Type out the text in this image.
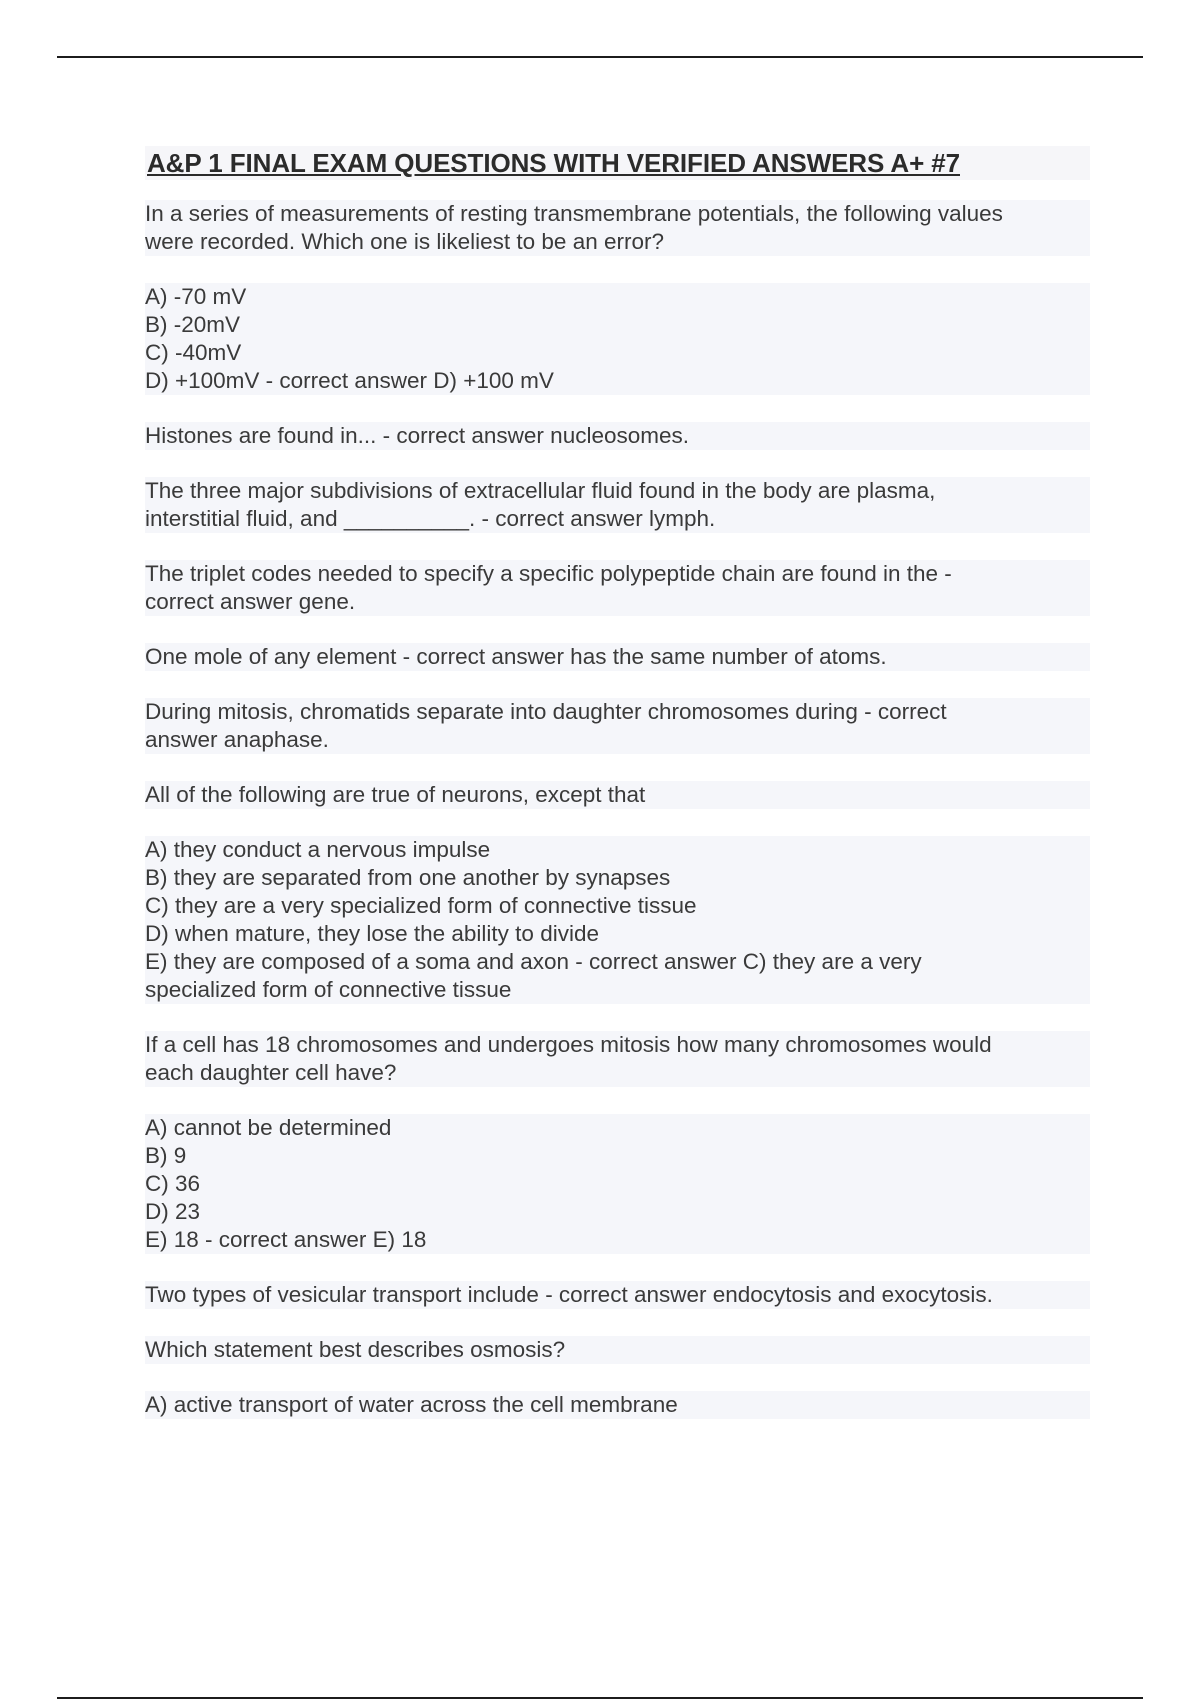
A&P 1 FINAL EXAM QUESTIONS WITH VERIFIED ANSWERS A+ #7
In a series of measurements of resting transmembrane potentials, the following values
were recorded. Which one is likeliest to be an error?
A) -70 mV
B) -20mV
C) -40mV
D) +100mV - correct answer D) +100 mV
Histones are found in... - correct answer nucleosomes.
The three major subdivisions of extracellular fluid found in the body are plasma,
interstitial fluid, and __________. - correct answer lymph.
The triplet codes needed to specify a specific polypeptide chain are found in the -
correct answer gene.
One mole of any element - correct answer has the same number of atoms.
During mitosis, chromatids separate into daughter chromosomes during - correct
answer anaphase.
All of the following are true of neurons, except that
A) they conduct a nervous impulse
B) they are separated from one another by synapses
C) they are a very specialized form of connective tissue
D) when mature, they lose the ability to divide
E) they are composed of a soma and axon - correct answer C) they are a very
specialized form of connective tissue
If a cell has 18 chromosomes and undergoes mitosis how many chromosomes would
each daughter cell have?
A) cannot be determined
B) 9
C) 36
D) 23
E) 18 - correct answer E) 18
Two types of vesicular transport include - correct answer endocytosis and exocytosis.
Which statement best describes osmosis?
A) active transport of water across the cell membrane
